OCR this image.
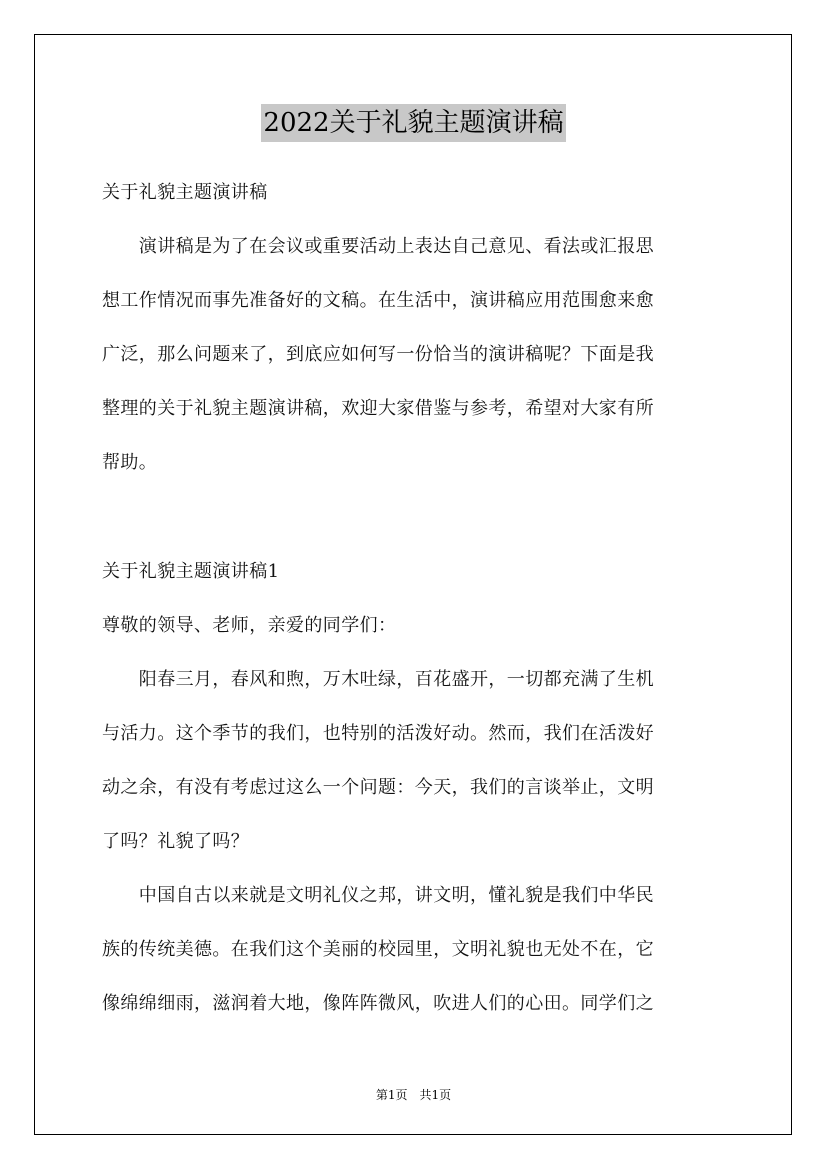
2022关于礼貌主题演讲稿
关于礼貌主题演讲稿
　　演讲稿是为了在会议或重要活动上表达自己意见、看法或汇报思
想工作情况而事先准备好的文稿。在生活中，演讲稿应用范围愈来愈
广泛，那么问题来了，到底应如何写一份恰当的演讲稿呢？下面是我
整理的关于礼貌主题演讲稿，欢迎大家借鉴与参考，希望对大家有所
帮助。
关于礼貌主题演讲稿1
尊敬的领导、老师，亲爱的同学们：
　　阳春三月，春风和煦，万木吐绿，百花盛开，一切都充满了生机
与活力。这个季节的我们，也特别的活泼好动。然而，我们在活泼好
动之余，有没有考虑过这么一个问题：今天，我们的言谈举止，文明
了吗？礼貌了吗？
　　中国自古以来就是文明礼仪之邦，讲文明，懂礼貌是我们中华民
族的传统美德。在我们这个美丽的校园里，文明礼貌也无处不在，它
像绵绵细雨，滋润着大地，像阵阵微风，吹进人们的心田。同学们之
第1页　共1页
